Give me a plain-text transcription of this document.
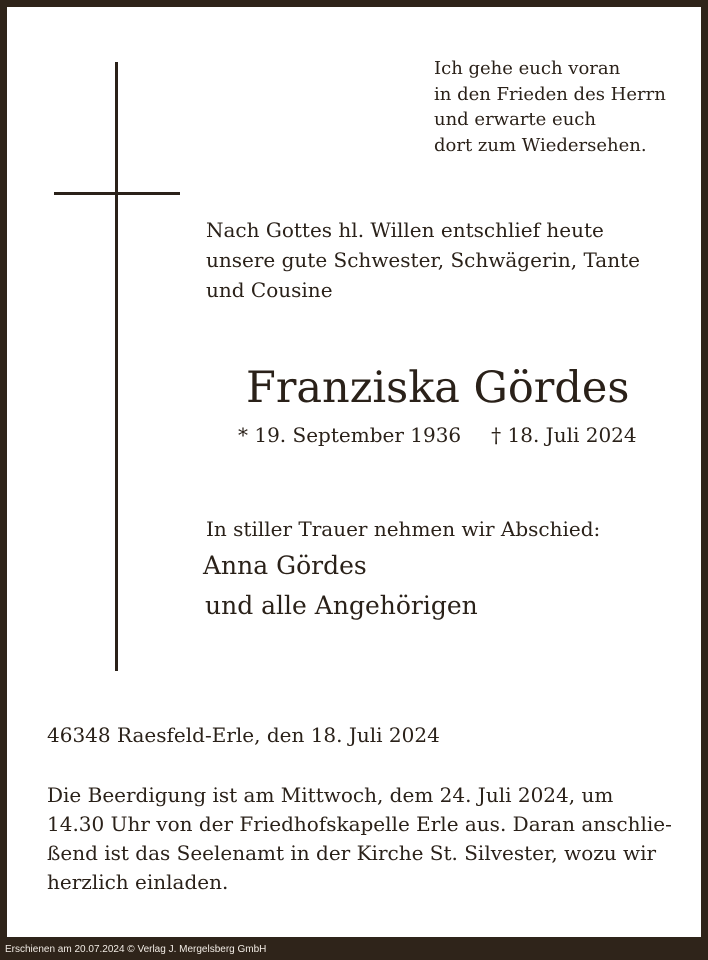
Ich gehe euch voran
in den Frieden des Herrn
und erwarte euch
dort zum Wiedersehen.
Nach Gottes hl. Willen entschlief heute
unsere gute Schwester, Schwägerin, Tante
und Cousine
Franziska Gördes
* 19. September 1936 † 18. Juli 2024
In stiller Trauer nehmen wir Abschied:
Anna Gördes
und alle Angehörigen
46348 Raesfeld-Erle, den 18. Juli 2024
Die Beerdigung ist am Mittwoch, dem 24. Juli 2024, um
14.30 Uhr von der Friedhofskapelle Erle aus. Daran anschlie-
ßend ist das Seelenamt in der Kirche St. Silvester, wozu wir
herzlich einladen.
Erschienen am 20.07.2024 © Verlag J. Mergelsberg GmbH
